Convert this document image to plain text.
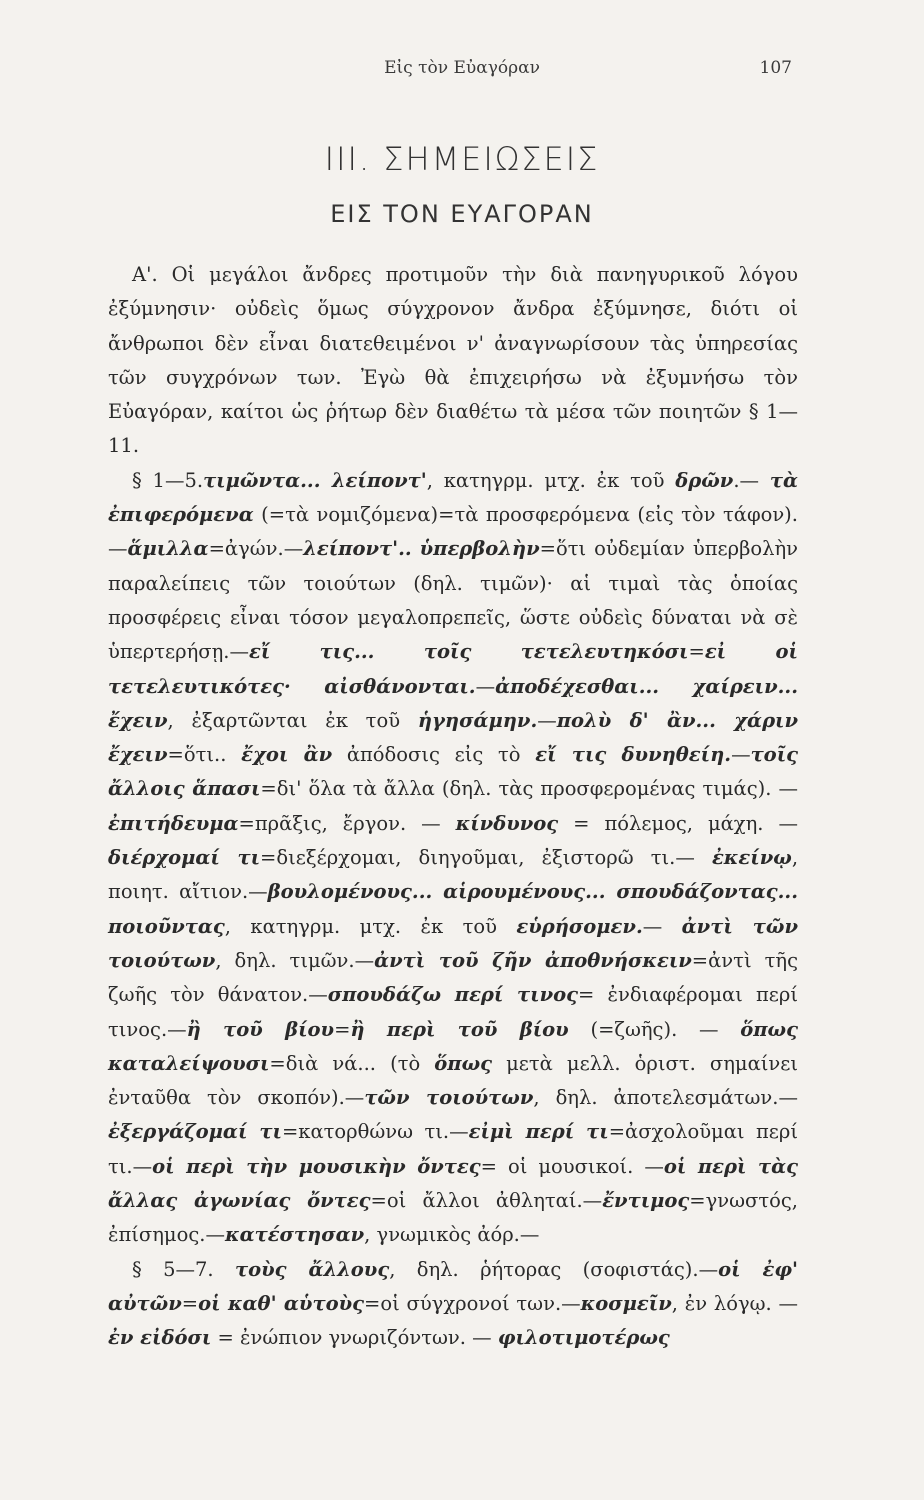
Εἰς τὸν Εὐαγόραν	107
III. ΣΗΜΕΙΩΣΕΙΣ
ΕΙΣ ΤΟΝ ΕΥΑΓΟΡΑΝ

Α'. Οἱ μεγάλοι ἄνδρες προτιμοῦν τὴν διὰ πανηγυρικοῦ λόγου ἐξύμνησιν· οὐδεὶς ὅμως σύγχρονον ἄνδρα ἐξύμνησε, διότι οἱ ἄνθρωποι δὲν εἶναι διατεθειμένοι ν' ἀναγνωρίσουν τὰς ὑπηρεσίας τῶν συγχρόνων των. Ἐγὼ θὰ ἐπιχειρήσω νὰ ἐξυμνήσω τὸν Εὐαγόραν, καίτοι ὡς ῥήτωρ δὲν διαθέτω τὰ μέσα τῶν ποιητῶν § 1—11.

§ 1—5.τιμῶντα... λείποντ', κατηγρμ. μτχ. ἐκ τοῦ δρῶν.— τὰ ἐπιφερόμενα (=τὰ νομιζόμενα)=τὰ προσφερόμενα (εἰς τὸν τάφον).—ἅμιλλα=ἀγών.—λείποντ'.. ὑπερβολὴν=ὅτι οὐδεμίαν ὑπερβολὴν παραλείπεις τῶν τοιούτων (δηλ. τιμῶν)· αἱ τιμαὶ τὰς ὁποίας προσφέρεις εἶναι τόσον μεγαλοπρεπεῖς, ὥστε οὐδεὶς δύναται νὰ σὲ ὑπερτερήσῃ.—εἴ τις... τοῖς τετελευτηκόσι=εἰ οἱ τετελευτικότες· αἰσθάνονται.—ἀποδέχεσθαι... χαίρειν... ἔχειν, ἐξαρτῶνται ἐκ τοῦ ἡγησάμην.—πολὺ δ' ἂν... χάριν ἔχειν=ὅτι.. ἔχοι ἂν ἀπόδοσις εἰς τὸ εἴ τις δυνηθείη.—τοῖς ἄλλοις ἅπασι=δι' ὅλα τὰ ἄλλα (δηλ. τὰς προσφερομένας τιμάς). — ἐπιτήδευμα=πρᾶξις, ἔργον. — κίνδυνος = πόλεμος, μάχη. — διέρχομαί τι=διεξέρχομαι, διηγοῦμαι, ἐξιστορῶ τι.— ἐκείνῳ, ποιητ. αἴτιον.—βουλομένους... αἱρουμένους... σπουδάζοντας... ποιοῦντας, κατηγρμ. μτχ. ἐκ τοῦ εὑρήσομεν.— ἀντὶ τῶν τοιούτων, δηλ. τιμῶν.—ἀντὶ τοῦ ζῆν ἀποθνήσκειν=ἀντὶ τῆς ζωῆς τὸν θάνατον.—σπουδάζω περί τινος= ἐνδιαφέρομαι περί τινος.—ἢ τοῦ βίου=ἢ περὶ τοῦ βίου (=ζωῆς). — ὅπως καταλείψουσι=διὰ νά... (τὸ ὅπως μετὰ μελλ. ὁριστ. σημαίνει ἐνταῦθα τὸν σκοπόν).—τῶν τοιούτων, δηλ. ἀποτελεσμάτων.—ἐξεργάζομαί τι=κατορθώνω τι.—εἰμὶ περί τι=ἀσχολοῦμαι περί τι.—οἱ περὶ τὴν μουσικὴν ὄντες= οἱ μουσικοί. —οἱ περὶ τὰς ἄλλας ἀγωνίας ὄντες=οἱ ἄλλοι ἀθληταί.—ἔντιμος=γνωστός, ἐπίσημος.—κατέστησαν, γνωμικὸς ἀόρ.—

§ 5—7. τοὺς ἄλλους, δηλ. ῥήτορας (σοφιστάς).—οἱ ἐφ' αὐτῶν=οἱ καθ' αὑτοὺς=οἱ σύγχρονοί των.—κοσμεῖν, ἐν λόγῳ. — ἐν εἰδόσι = ἐνώπιον γνωριζόντων. — φιλοτιμοτέρως
